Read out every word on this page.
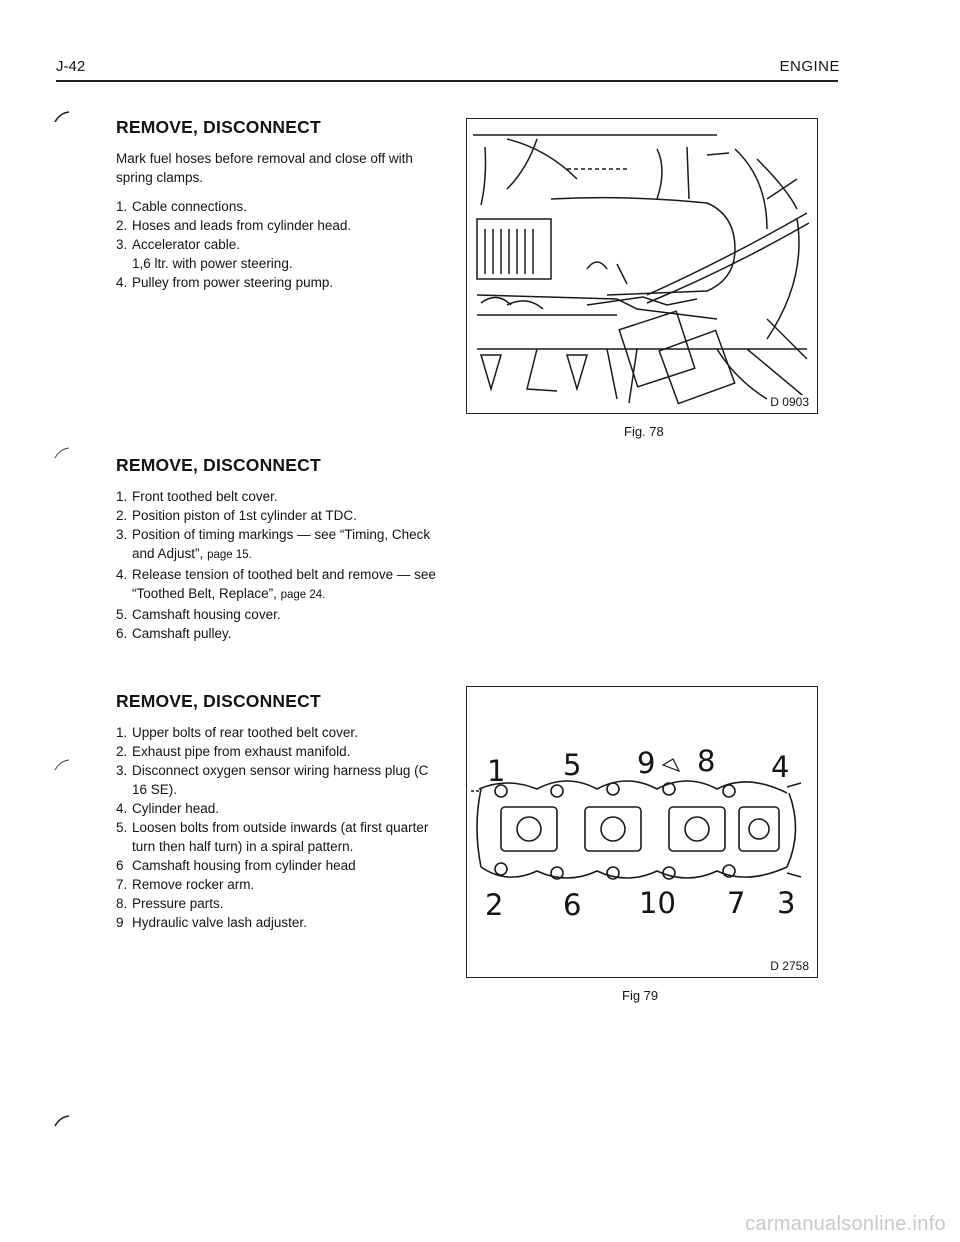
J-42	ENGINE
REMOVE, DISCONNECT

Mark fuel hoses before removal and close off with spring clamps.

1. Cable connections.
2. Hoses and leads from cylinder head.
3. Accelerator cable.
1,6 ltr. with power steering.
4. Pulley from power steering pump.
REMOVE, DISCONNECT
1. Front toothed belt cover.
2. Position piston of 1st cylinder at TDC.
3. Position of timing markings — see “Timing, Check and Adjust”, page 15.
4. Release tension of toothed belt and remove — see “Toothed Belt, Replace”, page 24.
5. Camshaft housing cover.
6. Camshaft pulley.
REMOVE, DISCONNECT
1. Upper bolts of rear toothed belt cover.
2. Exhaust pipe from exhaust manifold.
3. Disconnect oxygen sensor wiring harness plug (C 16 SE).
4. Cylinder head.
5. Loosen bolts from outside inwards (at first quarter turn then half turn) in a spiral pattern.
6 Camshaft housing from cylinder head
7. Remove rocker arm.
8. Pressure parts.
9 Hydraulic valve lash adjuster.
D 0903
Fig. 78
1 5 9 8 4
2 6 10 7 3
D 2758
Fig 79
carmanualsonline.info
